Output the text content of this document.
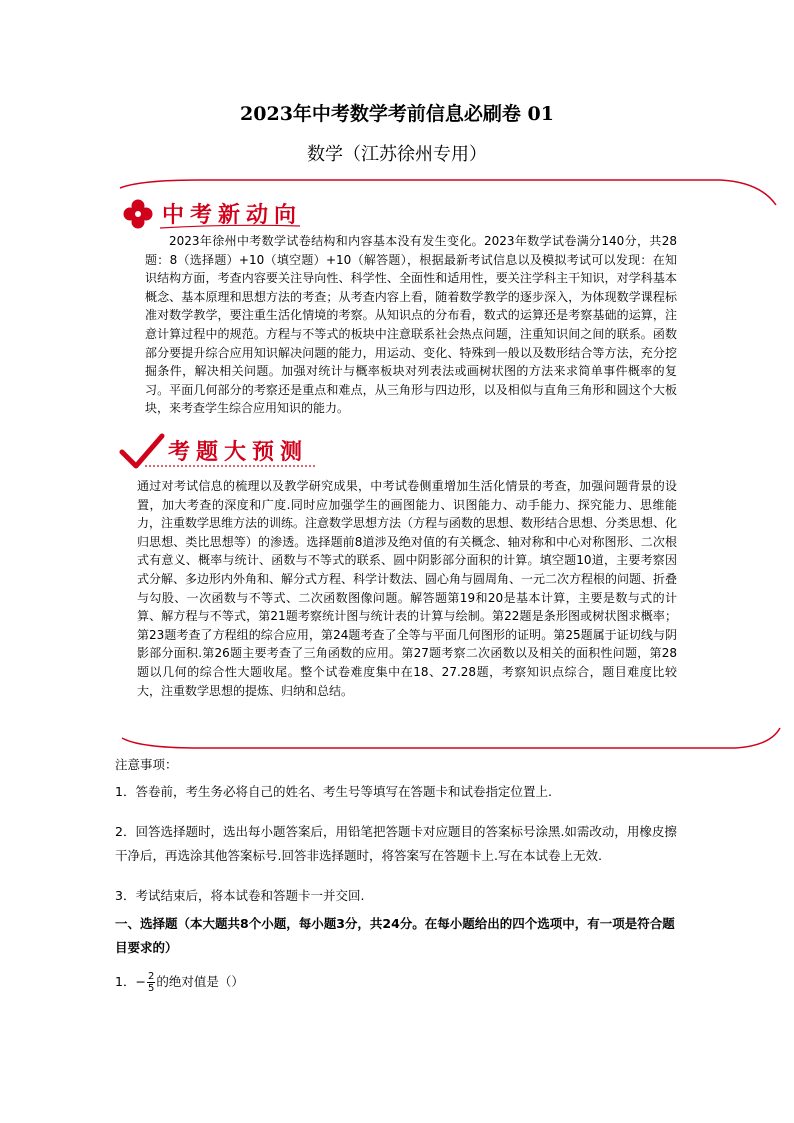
2023年中考数学考前信息必刷卷 01
数学（江苏徐州专用）
中考新动向
2023年徐州中考数学试卷结构和内容基本没有发生变化。2023年数学试卷满分140分，共28题：8（选择题）+10（填空题）+10（解答题），根据最新考试信息以及模拟考试可以发现：在知识结构方面，考查内容要关注导向性、科学性、全面性和适用性，要关注学科主干知识，对学科基本概念、基本原理和思想方法的考查；从考查内容上看，随着数学教学的逐步深入，为体现数学课程标准对数学教学，要注重生活化情境的考察。从知识点的分布看，数式的运算还是考察基础的运算，注意计算过程中的规范。方程与不等式的板块中注意联系社会热点问题，注重知识间之间的联系。函数部分要提升综合应用知识解决问题的能力，用运动、变化、特殊到一般以及数形结合等方法，充分挖掘条件，解决相关问题。加强对统计与概率板块对列表法或画树状图的方法来求简单事件概率的复习。平面几何部分的考察还是重点和难点，从三角形与四边形，以及相似与直角三角形和圆这个大板块，来考查学生综合应用知识的能力。
考题大预测
通过对考试信息的梳理以及教学研究成果，中考试卷侧重增加生活化情景的考查，加强问题背景的设置，加大考查的深度和广度.同时应加强学生的画图能力、识图能力、动手能力、探究能力、思维能力，注重数学思维方法的训练。注意数学思想方法（方程与函数的思想、数形结合思想、分类思想、化归思想、类比思想等）的渗透。选择题前8道涉及绝对值的有关概念、轴对称和中心对称图形、二次根式有意义、概率与统计、函数与不等式的联系、圆中阴影部分面积的计算。填空题10道，主要考察因式分解、多边形内外角和、解分式方程、科学计数法、圆心角与圆周角、一元二次方程根的问题、折叠与勾股、一次函数与不等式、二次函数图像问题。解答题第19和20是基本计算，主要是数与式的计算、解方程与不等式，第21题考察统计图与统计表的计算与绘制。第22题是条形图或树状图求概率；第23题考查了方程组的综合应用，第24题考查了全等与平面几何图形的证明。第25题属于证切线与阴影部分面积.第26题主要考查了三角函数的应用。第27题考察二次函数以及相关的面积性问题，第28题以几何的综合性大题收尾。整个试卷难度集中在18、27.28题，考察知识点综合，题目难度比较大，注重数学思想的提炼、归纳和总结。
注意事项：
1．答卷前，考生务必将自己的姓名、考生号等填写在答题卡和试卷指定位置上.
2．回答选择题时，选出每小题答案后，用铅笔把答题卡对应题目的答案标号涂黑.如需改动，用橡皮擦干净后，再选涂其他答案标号.回答非选择题时，将答案写在答题卡上.写在本试卷上无效.
3．考试结束后，将本试卷和答题卡一并交回.
一、选择题（本大题共8个小题，每小题3分，共24分。在每小题给出的四个选项中，有一项是符合题目要求的）
1．− $\frac{2}{5}$ 的绝对值是（）
